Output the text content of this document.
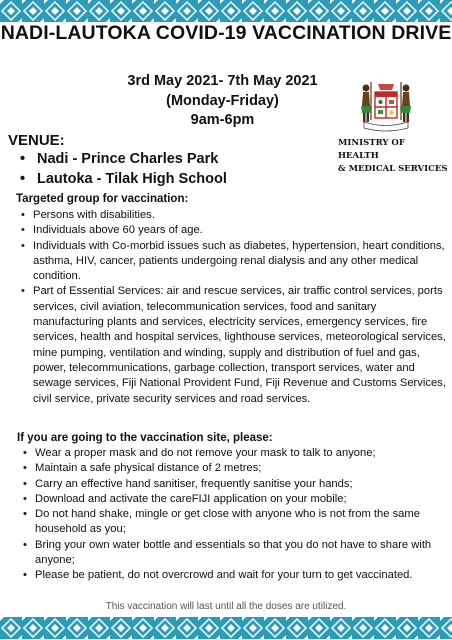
NADI-LAUTOKA COVID-19 VACCINATION DRIVE
3rd May 2021- 7th May 2021
(Monday-Friday)
9am-6pm
MINISTRY OF HEALTH
& MEDICAL SERVICES
VENUE:
• Nadi - Prince Charles Park
• Lautoka - Tilak High School
Targeted group for vaccination:
• Persons with disabilities.
• Individuals above 60 years of age.
• Individuals with Co-morbid issues such as diabetes, hypertension, heart conditions, asthma, HIV, cancer, patients undergoing renal dialysis and any other medical condition.
• Part of Essential Services: air and rescue services, air traffic control services, ports services, civil aviation, telecommunication services, food and sanitary manufacturing plants and services, electricity services, emergency services, fire services, health and hospital services, lighthouse services, meteorological services, mine pumping, ventilation and winding, supply and distribution of fuel and gas, power, telecommunications, garbage collection, transport services, water and sewage services, Fiji National Provident Fund, Fiji Revenue and Customs Services, civil service, private security services and road services.
If you are going to the vaccination site, please:
• Wear a proper mask and do not remove your mask to talk to anyone;
• Maintain a safe physical distance of 2 metres;
• Carry an effective hand sanitiser, frequently sanitise your hands;
• Download and activate the careFIJI application on your mobile;
• Do not hand shake, mingle or get close with anyone who is not from the same household as you;
• Bring your own water bottle and essentials so that you do not have to share with anyone;
• Please be patient, do not overcrowd and wait for your turn to get vaccinated.
This vaccination will last until all the doses are utilized.
